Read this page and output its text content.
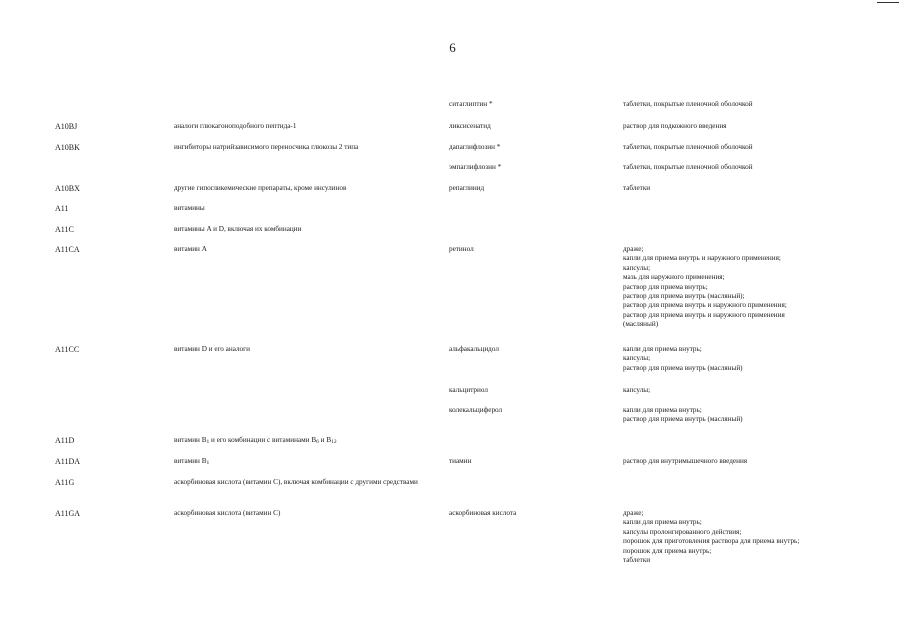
6
ситаглиптин *	таблетки, покрытые пленочной оболочкой
A10BJ	аналоги глюкагоноподобного пептида-1	ликсисенатид	раствор для подкожного введения
A10BK	ингибиторы натрийзависимого переносчика глюкозы 2 типа	дапаглифлозин *	таблетки, покрытые пленочной оболочкой
эмпаглифлозин *	таблетки, покрытые пленочной оболочкой
A10BX	другие гипогликемические препараты, кроме инсулинов	репаглинид	таблетки
A11	витамины
A11C	витамины A и D, включая их комбинации
A11CA	витамин A	ретинол	драже;
капли для приема внутрь и наружного применения;
капсулы;
мазь для наружного применения;
раствор для приема внутрь;
раствор для приема внутрь (масляный);
раствор для приема внутрь и наружного применения;
раствор для приема внутрь и наружного применения
(масляный)
A11CC	витамин D и его аналоги	альфакальцидол	капли для приема внутрь;
капсулы;
раствор для приема внутрь (масляный)
кальцитриол	капсулы;
колекальциферол	капли для приема внутрь;
раствор для приема внутрь (масляный)
A11D	витамин $B_1$ и его комбинации с витаминами $B_6$ и $B_{12}$
A11DA	витамин $B_1$	тиамин	раствор для внутримышечного введения
A11G	аскорбиновая кислота (витамин C), включая комбинации с другими средствами
A11GA	аскорбиновая кислота (витамин C)	аскорбиновая кислота	драже;
капли для приема внутрь;
капсулы пролонгированного действия;
порошок для приготовления раствора для приема внутрь;
порошок для приема внутрь;
таблетки
